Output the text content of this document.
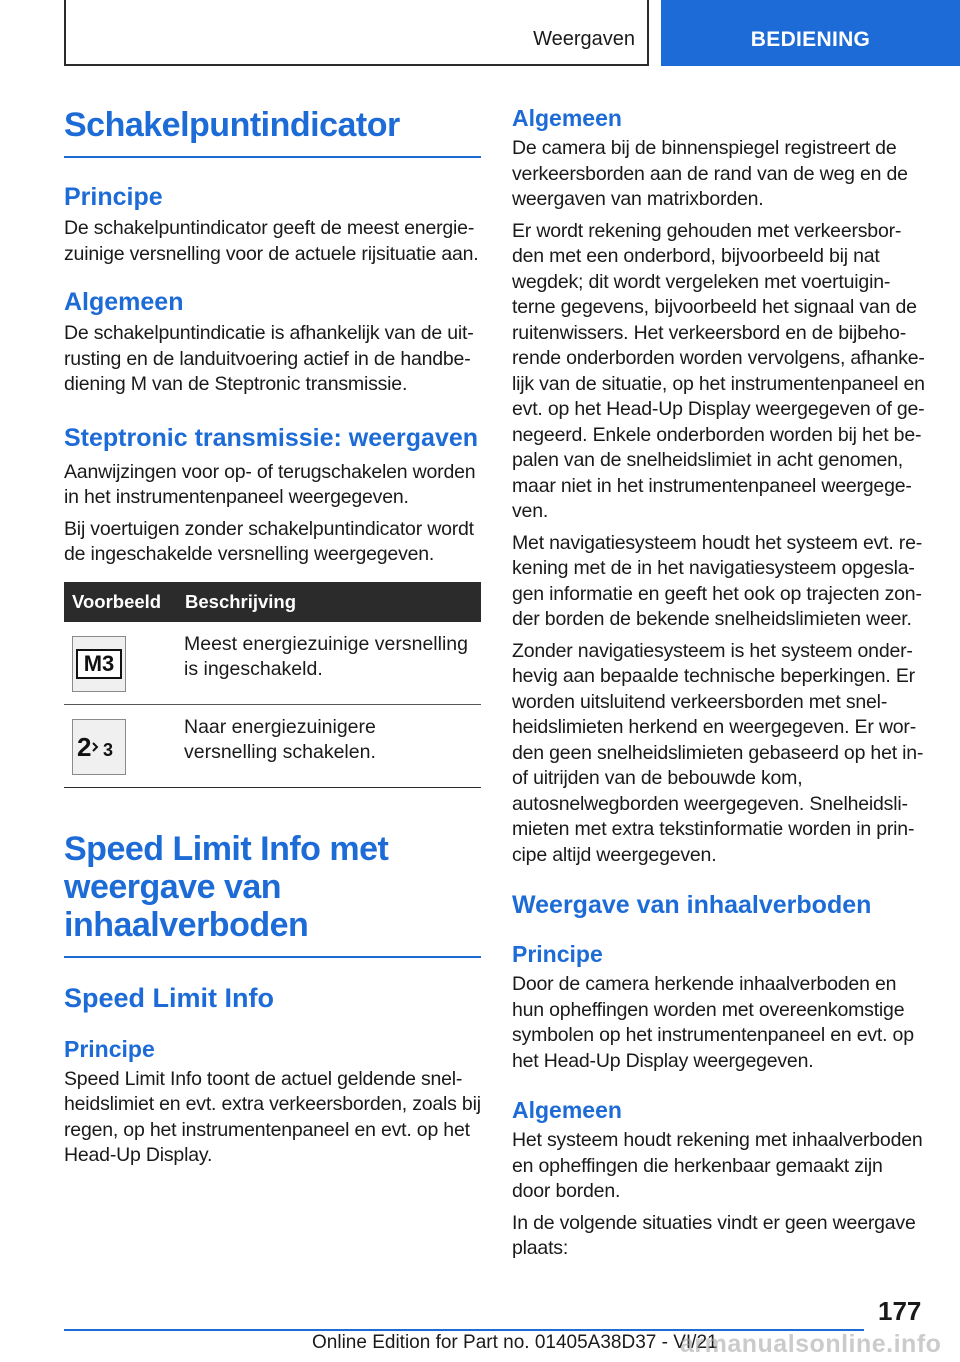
Weergaven	BEDIENING
Schakelpuntindicator
Principe

De schakelpuntindicator geeft de meest energiezuinige versnelling voor de actuele rijsituatie aan.

Algemeen

De schakelpuntindicatie is afhankelijk van de uitrusting en de landuitvoering actief in de handbediening M van de Steptronic transmissie.

Steptronic transmissie: weergaven

Aanwijzingen voor op- of terugschakelen worden in het instrumentenpaneel weergegeven.

Bij voertuigen zonder schakelpuntindicator wordt de ingeschakelde versnelling weergegeven.

Voorbeeld	Beschrijving
M3
Meest energiezuinige versnelling is ingeschakeld.
2 3
Naar energiezuinigere versnelling schakelen.
Speed Limit Info met weergave van inhaalverboden
Speed Limit Info
Principe

Speed Limit Info toont de actuel geldende snelheidslimiet en evt. extra verkeersborden, zoals bij regen, op het instrumentenpaneel en evt. op het Head-Up Display.

Algemeen

De camera bij de binnenspiegel registreert de verkeersborden aan de rand van de weg en de weergaven van matrixborden.

Er wordt rekening gehouden met verkeersborden met een onderbord, bijvoorbeeld bij nat wegdek; dit wordt vergeleken met voertuiginterne gegevens, bijvoorbeeld het signaal van de ruitenwissers. Het verkeersbord en de bijbehorende onderborden worden vervolgens, afhankelijk van de situatie, op het instrumentenpaneel en evt. op het Head-Up Display weergegeven of genegeerd. Enkele onderborden worden bij het bepalen van de snelheidslimiet in acht genomen, maar niet in het instrumentenpaneel weergegeven.

Met navigatiesysteem houdt het systeem evt. rekening met de in het navigatiesysteem opgeslagen informatie en geeft het ook op trajecten zonder borden de bekende snelheidslimieten weer.

Zonder navigatiesysteem is het systeem onderhevig aan bepaalde technische beperkingen. Er worden uitsluitend verkeersborden met snelheidslimieten herkend en weergegeven. Er worden geen snelheidslimieten gebaseerd op het in- of uitrijden van de bebouwde kom, autosnelwegborden weergegeven. Snelheidslimieten met extra tekstinformatie worden in principe altijd weergegeven.

Weergave van inhaalverboden
Principe

Door de camera herkende inhaalverboden en hun opheffingen worden met overeenkomstige symbolen op het instrumentenpaneel en evt. op het Head-Up Display weergegeven.

Algemeen

Het systeem houdt rekening met inhaalverboden en opheffingen die herkenbaar gemaakt zijn door borden.

In de volgende situaties vindt er geen weergave plaats:

177
Online Edition for Part no. 01405A38D37 - VI/21
armanualsonline.info
